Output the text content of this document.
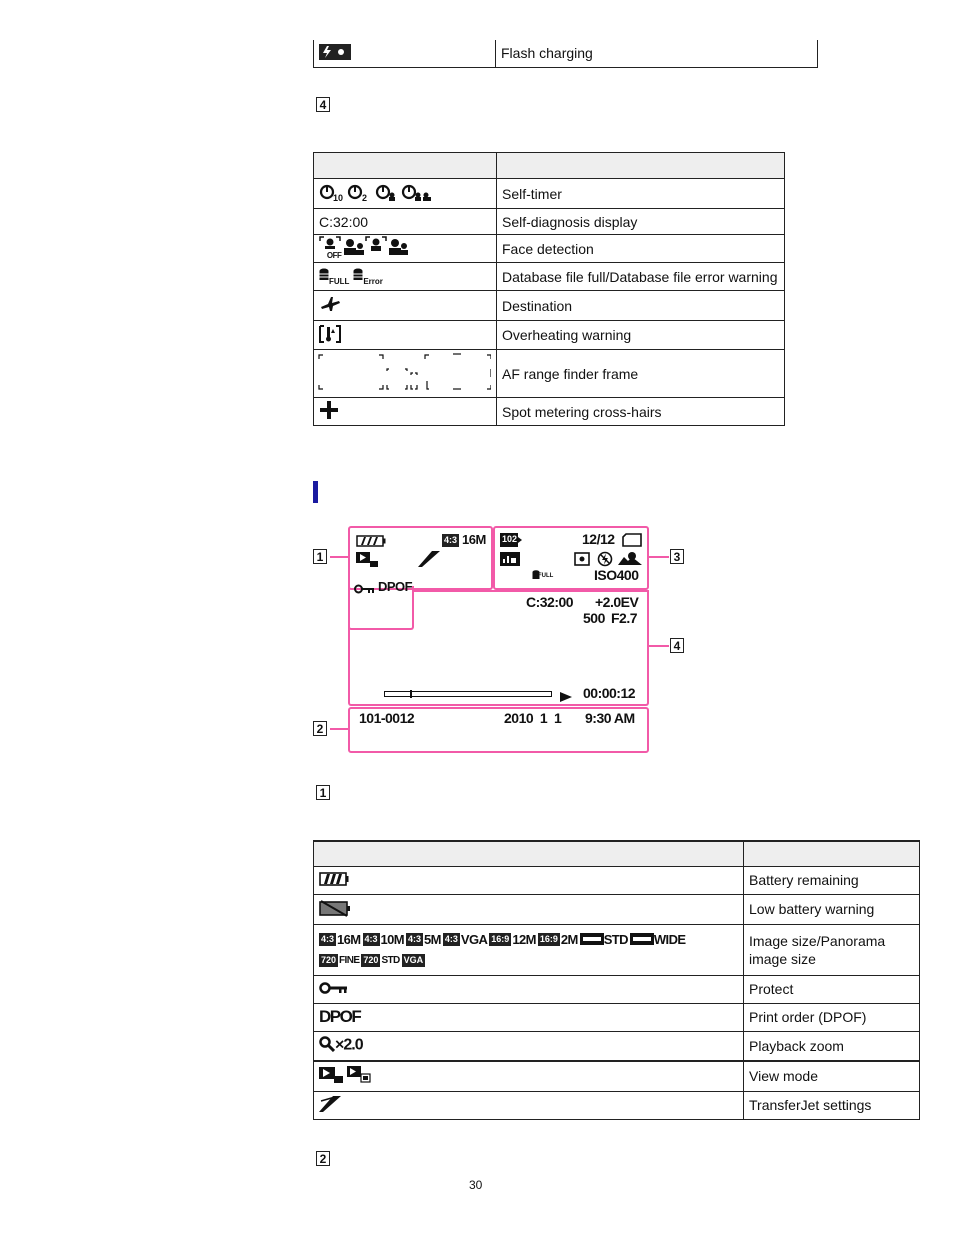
	Flash charging
4

10 2	Self-timer
C:32:00	Self-diagnosis display
$_{OFF}$	Face detection
FULL Error	Database file full/Database file error warning
	Destination
	Overheating warning
	AF range finder frame
	Spot metering cross-hairs
4:3 16M
DPOF
102	12/12
FULL	ISO400
C:32:00 +2.0EV
500 F2.7
00:00:12
101-0012	2010  1  1 9:30 AM
1
2
3
4
1

	Battery remaining
	Low battery warning
4:3 16M 4:3 10M 4:3 5M 4:3 VGA 16:9 12M 16:9 2M STD WIDE
720 FINE 720 STD VGA	Image size/Panorama image size
	Protect
DPOF	Print order (DPOF)
×2.0	Playback zoom
	View mode
	TransferJet settings
2
30
